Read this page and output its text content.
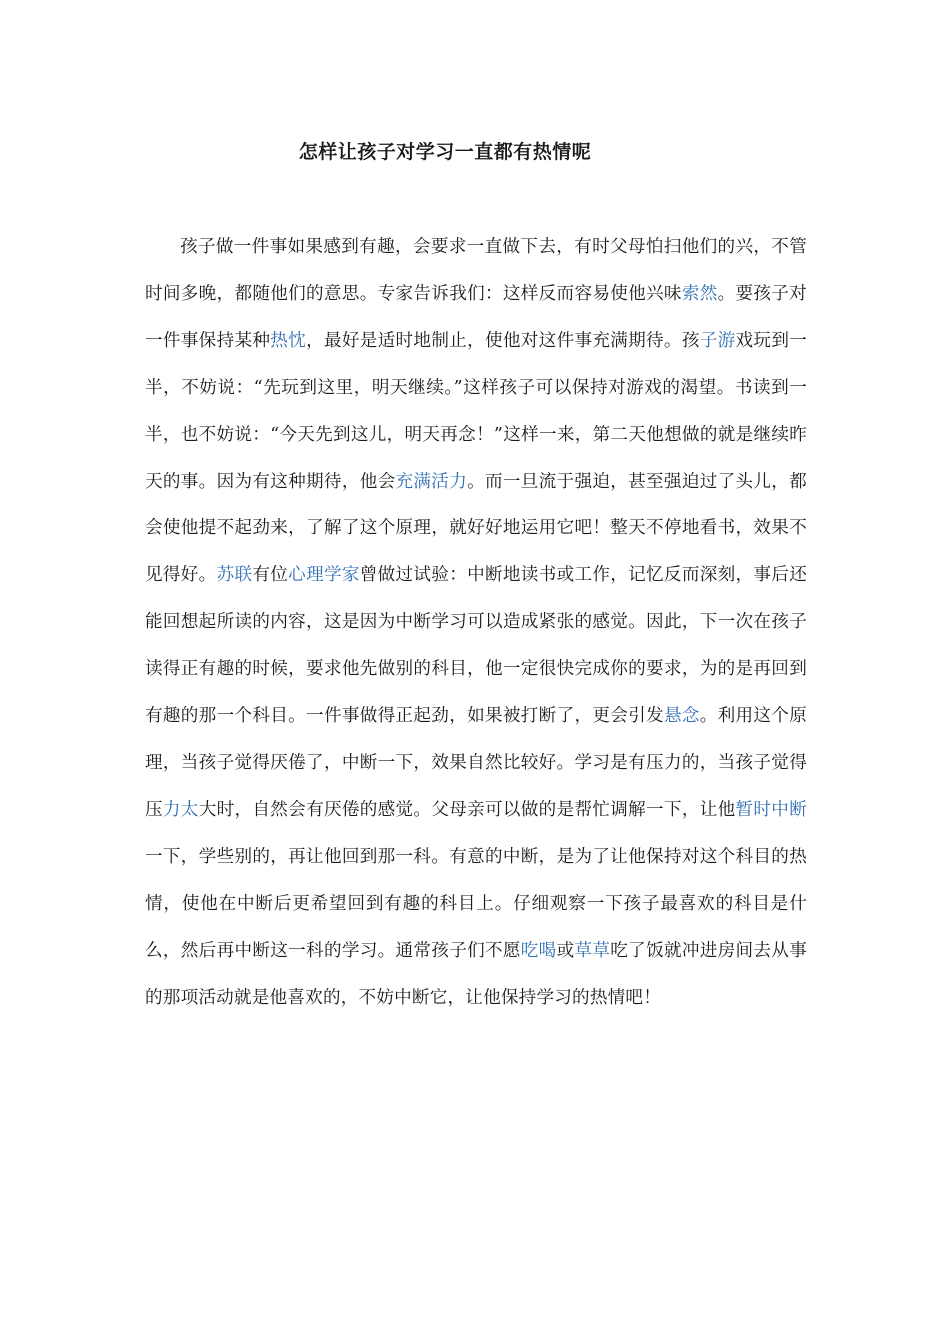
怎样让孩子对学习一直都有热情呢

孩子做一件事如果感到有趣，会要求一直做下去，有时父母怕扫他们的兴，不管时间多晚，都随他们的意思。专家告诉我们：这样反而容易使他兴味索然。要孩子对一件事保持某种热忱，最好是适时地制止，使他对这件事充满期待。孩子游戏玩到一半，不妨说：“先玩到这里，明天继续。”这样孩子可以保持对游戏的渴望。书读到一半，也不妨说：“今天先到这儿，明天再念！”这样一来，第二天他想做的就是继续昨天的事。因为有这种期待，他会充满活力。而一旦流于强迫，甚至强迫过了头儿，都会使他提不起劲来，了解了这个原理，就好好地运用它吧！整天不停地看书，效果不见得好。苏联有位心理学家曾做过试验：中断地读书或工作，记忆反而深刻，事后还能回想起所读的内容，这是因为中断学习可以造成紧张的感觉。因此，下一次在孩子读得正有趣的时候，要求他先做别的科目，他一定很快完成你的要求，为的是再回到有趣的那一个科目。一件事做得正起劲，如果被打断了，更会引发悬念。利用这个原理，当孩子觉得厌倦了，中断一下，效果自然比较好。学习是有压力的，当孩子觉得压力太大时，自然会有厌倦的感觉。父母亲可以做的是帮忙调解一下，让他暂时中断一下，学些别的，再让他回到那一科。有意的中断，是为了让他保持对这个科目的热情，使他在中断后更希望回到有趣的科目上。仔细观察一下孩子最喜欢的科目是什么，然后再中断这一科的学习。通常孩子们不愿吃喝或草草吃了饭就冲进房间去从事的那项活动就是他喜欢的，不妨中断它，让他保持学习的热情吧！
